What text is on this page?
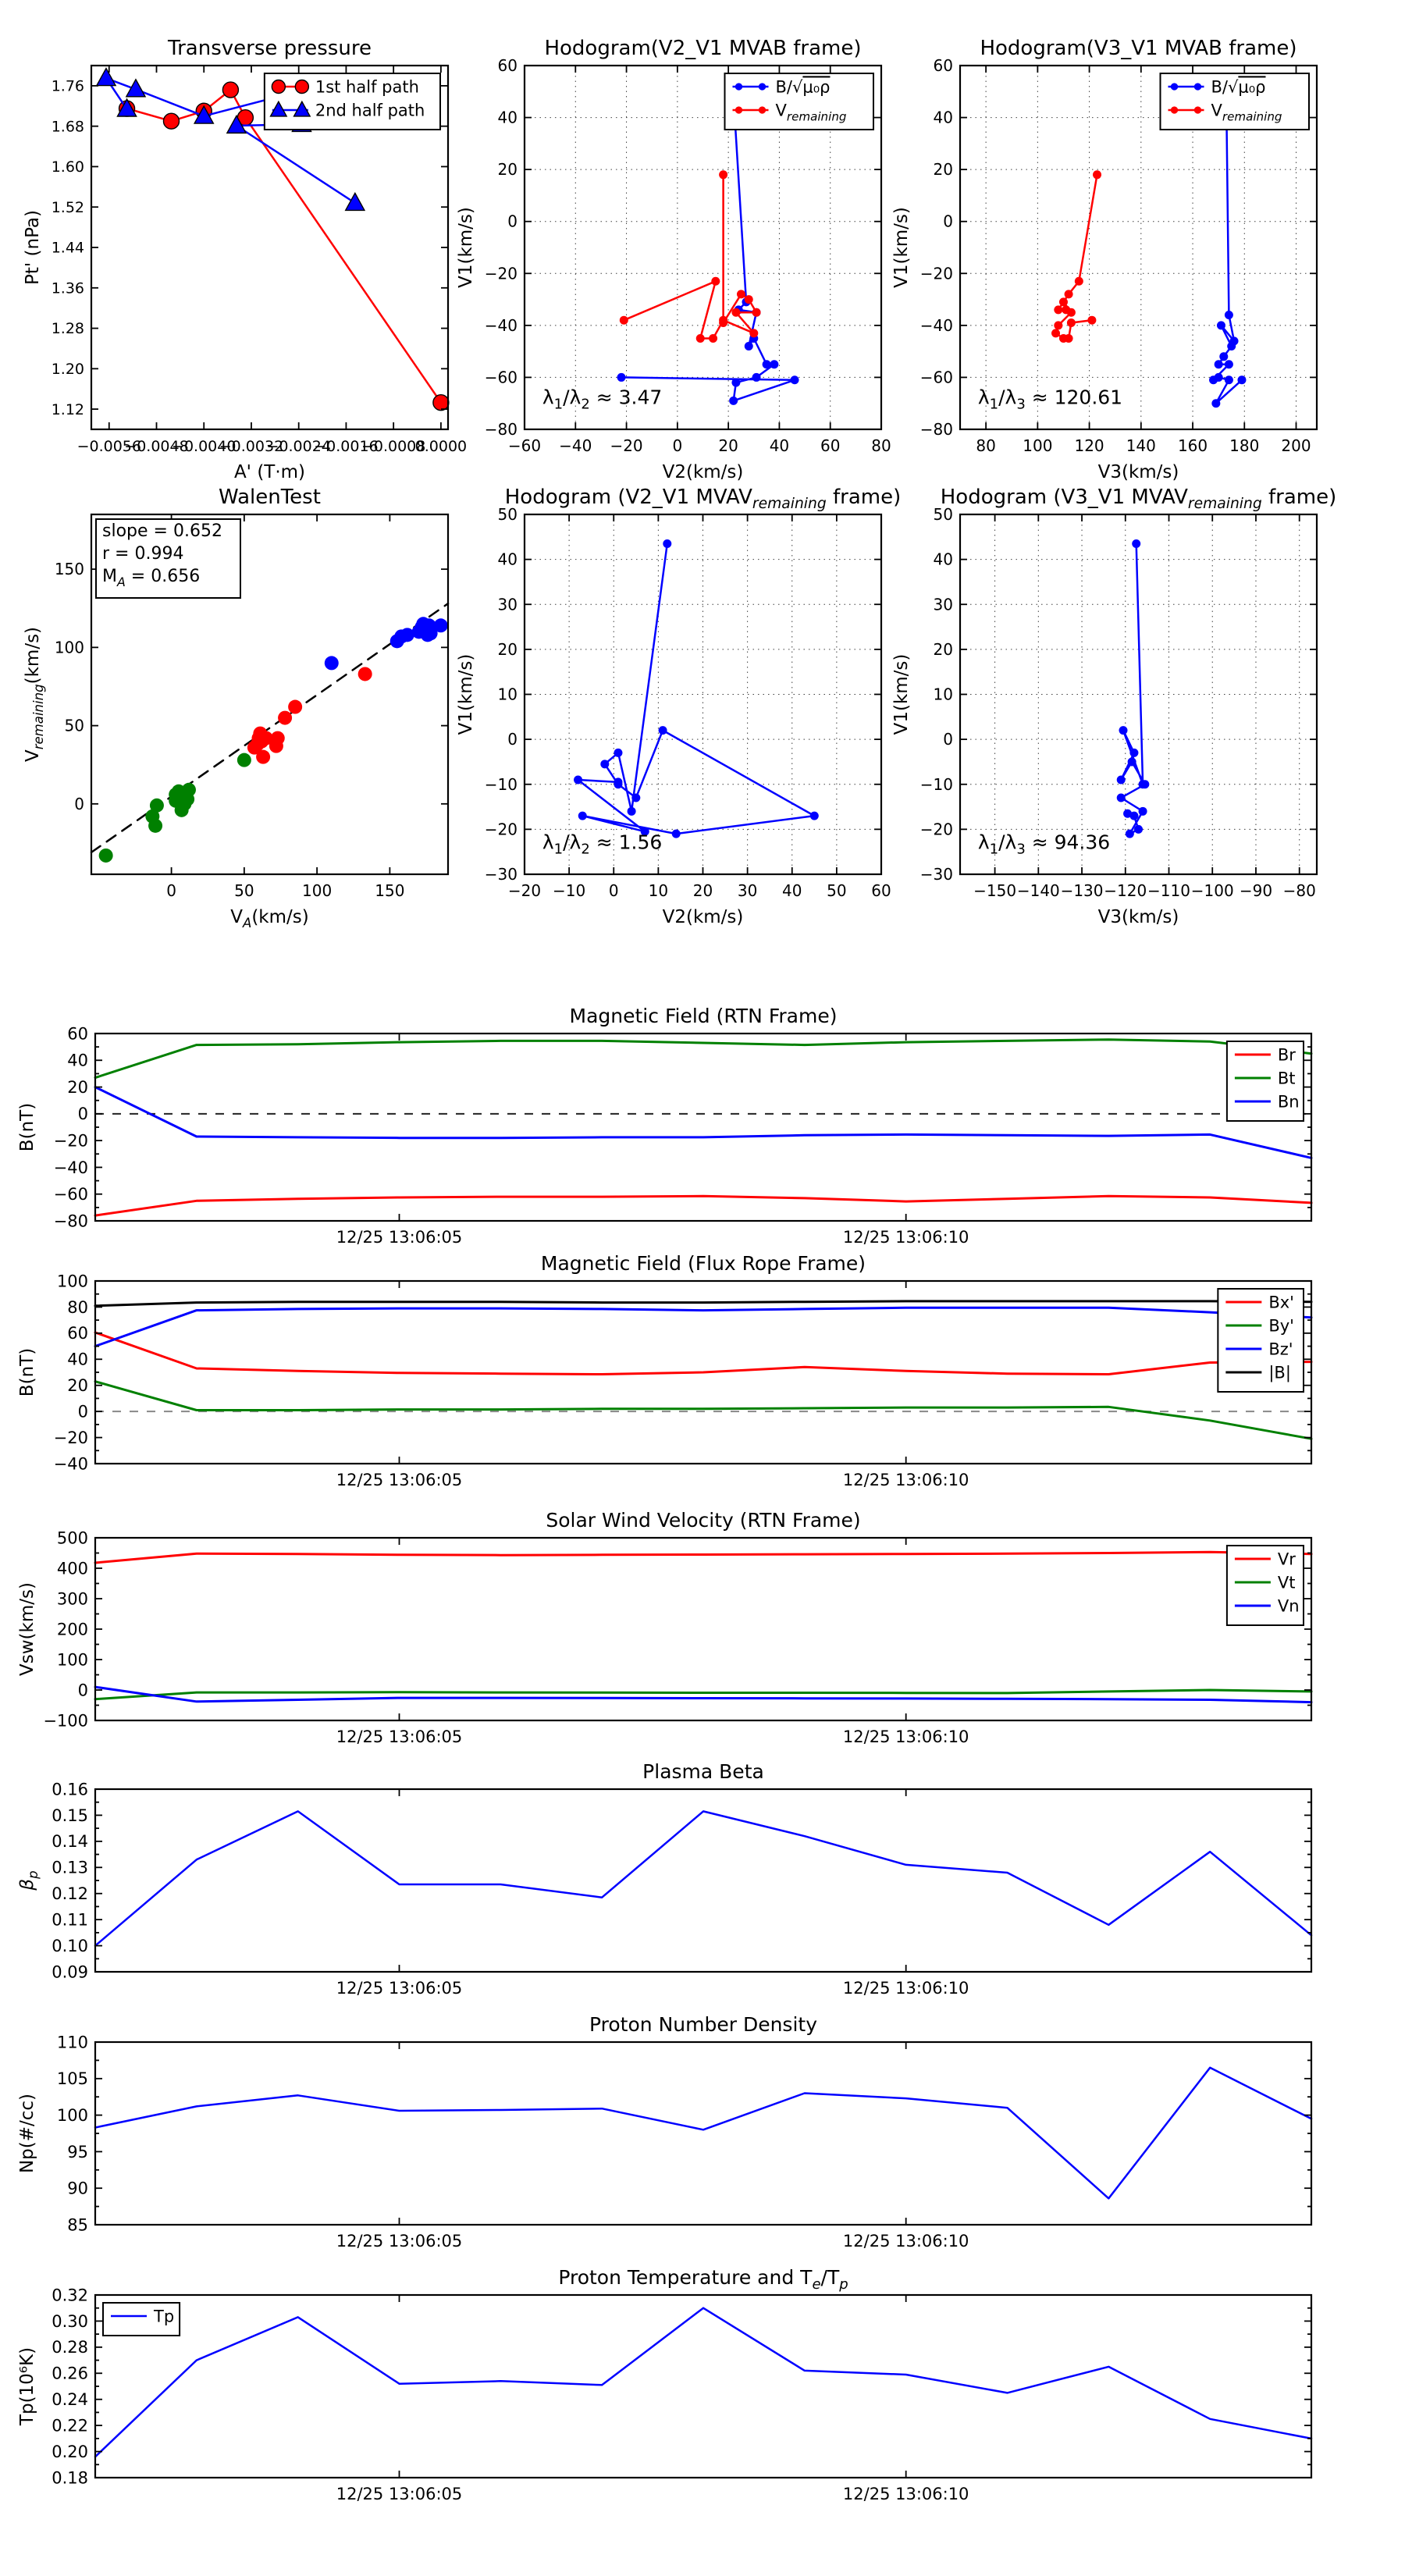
−0.0056
−0.0048
−0.0040
−0.0032
−0.0024
−0.0016
−0.0008
0.0000
1.12
1.20
1.28
1.36
1.44
1.52
1.60
1.68
1.76
Transverse pressure
A' (T·m)
Pt' (nPa)
1st half path
2nd half path
−60 −40 −20 0 20 40 60 80
−80
−60
−40
−20
0
20
40
60
Hodogram(V2_V1 MVAB frame)
V2(km/s)
V1(km/s)
$\lambda_1/\lambda_2 \approx 3.47$
B/√μ₀ρ
$V_{remaining}$
80 100 120 140 160 180 200
−80
−60
−40
−20
0
20
40
60
Hodogram(V3_V1 MVAB frame)
V3(km/s)
V1(km/s)
$\lambda_1/\lambda_3 \approx 120.61$
B/√μ₀ρ
$V_{remaining}$
0	50	100	150
0
50
100
150
WalenTest
$V_A(km/s)$
$V_{remaining}(km/s)$
slope = 0.652
r = 0.994
$M_A = 0.656$
−20 −10 0 10 20 30 40 50 60
−30
−20
−10
0
10
20
30
40
50
Hodogram (V2_V1 $MVAV_{remaining}$ frame)
V2(km/s)
V1(km/s)
$\lambda_1/\lambda_2 \approx 1.56$
−150 −140 −130 −120 −110 −100 −90 −80
−30
−20
−10
0
10
20
30
40
50
Hodogram (V3_V1 $MVAV_{remaining}$ frame)
V3(km/s)
V1(km/s)
$\lambda_1/\lambda_3 \approx 94.36$
12/25 13:06:05	12/25 13:06:10
−80
−60
−40
−20
0
20
40
60
Magnetic Field (RTN Frame)
B(nT)
Br
Bt
Bn
12/25 13:06:05	12/25 13:06:10
−40
−20
0
20
40
60
80
100
Magnetic Field (Flux Rope Frame)
B(nT)
Bx'
By'
Bz'
|B|
12/25 13:06:05	12/25 13:06:10
−100
0
100
200
300
400
500
Solar Wind Velocity (RTN Frame)
Vsw(km/s)
Vr
Vt
Vn
12/25 13:06:05	12/25 13:06:10
0.09
0.10
0.11
0.12
0.13
0.14
0.15
0.16
Plasma Beta
$\beta_p$
12/25 13:06:05	12/25 13:06:10
85
90
95
100
105
110
Proton Number Density
Np(#/cc)
12/25 13:06:05	12/25 13:06:10
0.18
0.20
0.22
0.24
0.26
0.28
0.30
0.32
Proton Temperature and $T_e/T_p$
Tp(10⁶K)
Tp
